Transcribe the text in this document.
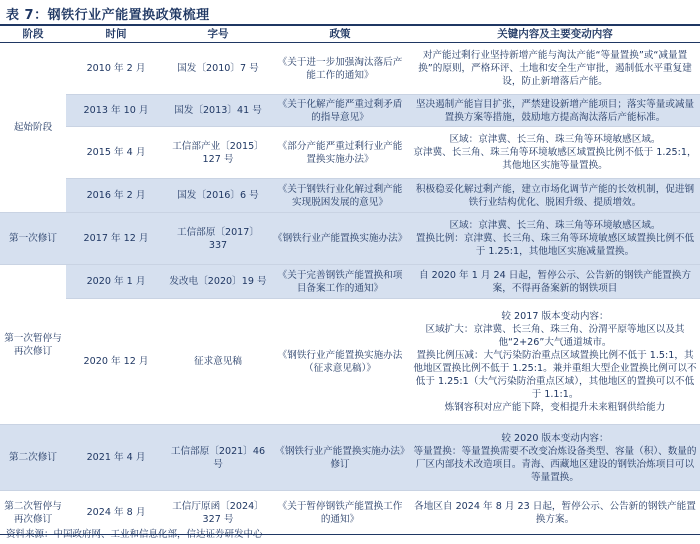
表 7：钢铁行业产能置换政策梳理
阶段	时间	字号	政策	关键内容及主要变动内容
起始阶段	2010 年 2 月	国发〔2010〕7 号	《关于进一步加强淘汰落后产能工作的通知》	对产能过剩行业坚持新增产能与淘汰产能“等量置换”或“减量置换”的原则，严格环评、土地和安全生产审批，遏制低水平重复建设，防止新增落后产能。

	2013 年 10 月	国发〔2013〕41 号	《关于化解产能严重过剩矛盾的指导意见》	坚决遏制产能盲目扩张，严禁建设新增产能项目；落实等量或减量置换方案等措施，鼓励地方提高淘汰落后产能标准。

	2015 年 4 月	工信部产业〔2015〕127 号	《部分产能严重过剩行业产能置换实施办法》	区域：京津冀、长三角、珠三角等环境敏感区域。
京津冀、长三角、珠三角等环境敏感区域置换比例不低于 1.25:1，其他地区实施等量置换。

	2016 年 2 月	国发〔2016〕6 号	《关于钢铁行业化解过剩产能实现脱困发展的意见》	积极稳妥化解过剩产能，建立市场化调节产能的长效机制，促进钢铁行业结构优化、脱困升级、提质增效。

第一次修订	2017 年 12 月	工信部原〔2017〕337	《钢铁行业产能置换实施办法》	区域：京津冀、长三角、珠三角等环境敏感区域。
置换比例：京津冀、长三角、珠三角等环境敏感区域置换比例不低于 1.25:1，其他地区实施减量置换。

第一次暂停与再次修订	2020 年 1 月	发改电〔2020〕19 号	《关于完善钢铁产能置换和项目备案工作的通知》	自 2020 年 1 月 24 日起，暂停公示、公告新的钢铁产能置换方案，不得再备案新的钢铁项目

	2020 年 12 月	征求意见稿	《钢铁行业产能置换实施办法（征求意见稿）》	较 2017 版本变动内容：
区域扩大：京津冀、长三角、珠三角、汾渭平原等地区以及其他“2+26”大气通道城市。
置换比例压减：大气污染防治重点区域置换比例不低于 1.5:1，其他地区置换比例不低于 1.25:1。兼并重组大型企业置换比例可以不低于 1.25:1（大气污染防治重点区域），其他地区的置换可以不低于 1.1:1。
炼钢容积对应产能下降，变相提升未来粗钢供给能力

第二次修订	2021 年 4 月	工信部原〔2021〕46 号	《钢铁行业产能置换实施办法》修订	较 2020 版本变动内容：
等量置换：等量置换需要不改变冶炼设备类型、容量（积）、数量的厂区内部技术改造项目。青海、西藏地区建设的钢铁冶炼项目可以等量置换。

第二次暂停与再次修订	2024 年 8 月	工信厅原函〔2024〕327 号	《关于暂停钢铁产能置换工作的通知》	各地区自 2024 年 8 月 23 日起，暂停公示、公告新的钢铁产能置换方案。
资料来源：中国政府网、工业和信息化部，信达证券研发中心
